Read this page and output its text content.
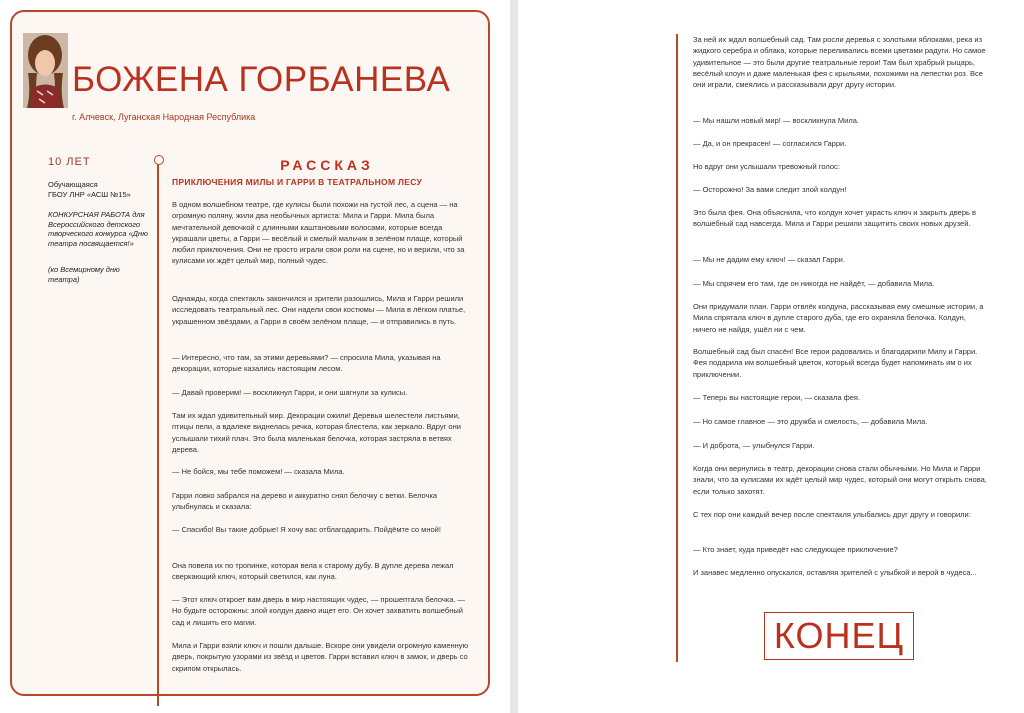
БОЖЕНА ГОРБАНЕВА
г. Алчевск, Луганская Народная Республика
10 ЛЕТ
Обучающаяся
ГБОУ ЛНР «АСШ №15»
КОНКУРСНАЯ РАБОТА для Всероссийского детского творческого конкурса «Дню театра посвящается!»
(ко Всемирному дню театра)
РАССКАЗ
ПРИКЛЮЧЕНИЯ МИЛЫ И ГАРРИ В ТЕАТРАЛЬНОМ ЛЕСУ

В одном волшебном театре, где кулисы были похожи на густой лес, а сцена — на огромную поляну, жили два необычных артиста: Мила и Гарри. Мила была мечтательной девочкой с длинными каштановыми волосами, которые всегда украшали цветы, а Гарри — весёлый и смелый мальчик в зелёном плаще, который любил приключения. Они не просто играли свои роли на сцене, но и верили, что за кулисами их ждёт целый мир, полный чудес.

Однажды, когда спектакль закончился и зрители разошлись, Мила и Гарри решили исследовать театральный лес. Они надели свои костюмы — Мила в лёгком платье, украшенном звёздами, а Гарри в своём зелёном плаще, — и отправились в путь.

— Интересно, что там, за этими деревьями? — спросила Мила, указывая на декорации, которые казались настоящим лесом.

— Давай проверим! — воскликнул Гарри, и они шагнули за кулисы.

Там их ждал удивительный мир. Декорации ожили! Деревья шелестели листьями, птицы пели, а вдалеке виднелась речка, которая блестела, как зеркало. Вдруг они услышали тихий плач. Это была маленькая белочка, которая застряла в ветвях дерева.

— Не бойся, мы тебе поможем! — сказала Мила.

Гарри ловко забрался на дерево и аккуратно снял белочку с ветки. Белочка улыбнулась и сказала:

— Спасибо! Вы такие добрые! Я хочу вас отблагодарить. Пойдёмте со мной!

Она повела их по тропинке, которая вела к старому дубу. В дупле дерева лежал сверкающий ключ, который светился, как луна.

— Этот ключ откроет вам дверь в мир настоящих чудес, — прошептала белочка. — Но будьте осторожны: злой колдун давно ищет его. Он хочет захватить волшебный сад и лишить его магии.

Мила и Гарри взяли ключ и пошли дальше. Вскоре они увидели огромную каменную дверь, покрытую узорами из звёзд и цветов. Гарри вставил ключ в замок, и дверь со скрипом открылась.

За ней их ждал волшебный сад. Там росли деревья с золотыми яблоками, река из жидкого серебра и облака, которые переливались всеми цветами радуги. Но самое удивительное — это были другие театральные герои! Там был храбрый рыцарь, весёлый клоун и даже маленькая фея с крыльями, похожими на лепестки роз. Все они играли, смеялись и рассказывали друг другу истории.

— Мы нашли новый мир! — воскликнула Мила.

— Да, и он прекрасен! — согласился Гарри.

Но вдруг они услышали тревожный голос:

— Осторожно! За вами следит злой колдун!

Это была фея. Она объяснила, что колдун хочет украсть ключ и закрыть дверь в волшебный сад навсегда. Мила и Гарри решили защитить своих новых друзей.

— Мы не дадим ему ключ! — сказал Гарри.

— Мы спрячем его там, где он никогда не найдёт, — добавила Мила.

Они придумали план. Гарри отвлёк колдуна, рассказывая ему смешные истории, а Мила спрятала ключ в дупле старого дуба, где его охраняла белочка. Колдун, ничего не найдя, ушёл ни с чем.

Волшебный сад был спасён! Все герои радовались и благодарили Милу и Гарри. Фея подарила им волшебный цветок, который всегда будет напоминать им о их приключении.

— Теперь вы настоящие герои, — сказала фея.

— Но самое главное — это дружба и смелость, — добавила Мила.

— И доброта, — улыбнулся Гарри.

Когда они вернулись в театр, декорации снова стали обычными. Но Мила и Гарри знали, что за кулисами их ждёт целый мир чудес, который они могут открыть снова, если только захотят.

С тех пор они каждый вечер после спектакля улыбались друг другу и говорили:

— Кто знает, куда приведёт нас следующее приключение?

И занавес медленно опускался, оставляя зрителей с улыбкой и верой в чудеса...

КОНЕЦ
